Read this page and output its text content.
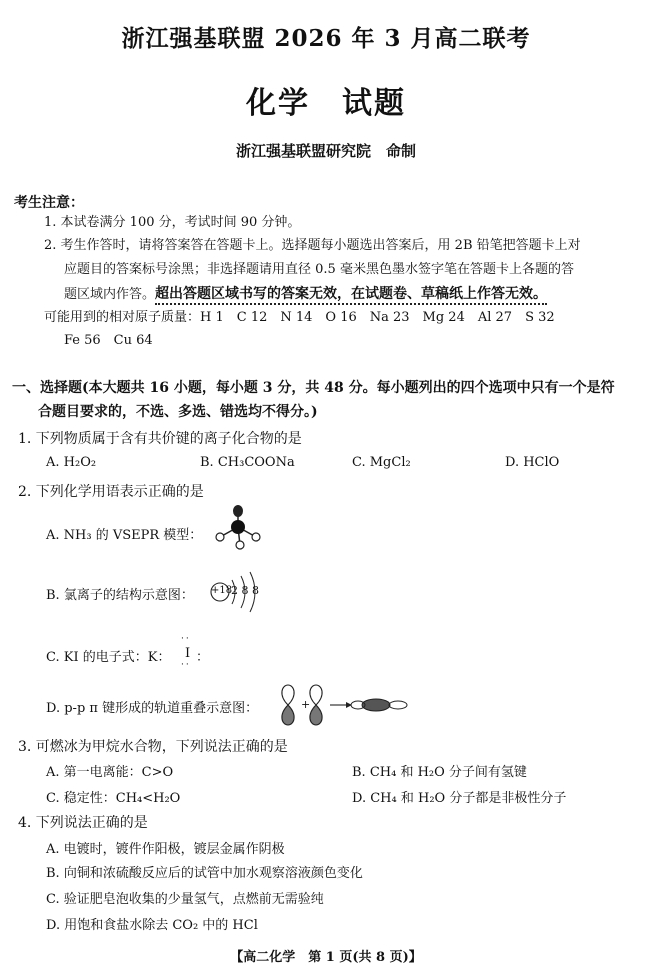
浙江强基联盟 2026 年 3 月高二联考
化学　试题
浙江强基联盟研究院　命制
考生注意：
1. 本试卷满分 100 分，考试时间 90 分钟。
2. 考生作答时，请将答案答在答题卡上。选择题每小题选出答案后，用 2B 铅笔把答题卡上对
应题目的答案标号涂黑；非选择题请用直径 0.5 毫米黑色墨水签字笔在答题卡上各题的答
题区域内作答。超出答题区域书写的答案无效，在试题卷、草稿纸上作答无效。
可能用到的相对原子质量：H 1　C 12　N 14　O 16　Na 23　Mg 24　Al 27　S 32
Fe 56　Cu 64
一、选择题(本大题共 16 小题，每小题 3 分，共 48 分。每小题列出的四个选项中只有一个是符
合题目要求的，不选、多选、错选均不得分。)
1. 下列物质属于含有共价键的离子化合物的是
A. H₂O₂	B. CH₃COONa	C. MgCl₂	D. HClO
2. 下列化学用语表示正确的是
A. NH₃ 的 VSEPR 模型：
B. 氯离子的结构示意图： +18
2 8 8
C. KI 的电子式：K：
··
I ：
··
D. p-p π 键形成的轨道重叠示意图：	+
3. 可燃冰为甲烷水合物，下列说法正确的是
A. 第一电离能：C>O	B. CH₄ 和 H₂O 分子间有氢键
C. 稳定性：CH₄<H₂O	D. CH₄ 和 H₂O 分子都是非极性分子
4. 下列说法正确的是
A. 电镀时，镀件作阳极，镀层金属作阴极
B. 向铜和浓硫酸反应后的试管中加水观察溶液颜色变化
C. 验证肥皂泡收集的少量氢气，点燃前无需验纯
D. 用饱和食盐水除去 CO₂ 中的 HCl
【高二化学　第 1 页(共 8 页)】
